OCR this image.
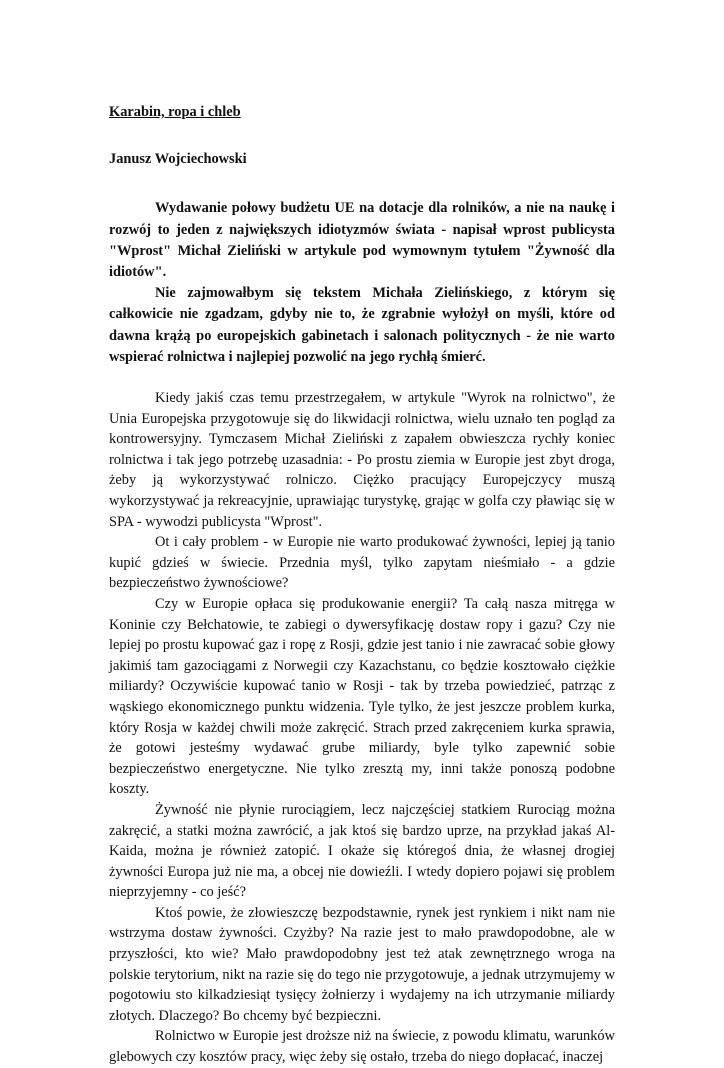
Karabin, ropa i chleb

Janusz Wojciechowski

Wydawanie połowy budżetu UE na dotacje dla rolników, a nie na naukę i rozwój to jeden z największych idiotyzmów świata - napisał wprost publicysta "Wprost" Michał Zieliński w artykule pod wymownym tytułem "Żywność dla idiotów".

Nie zajmowałbym się tekstem Michała Zielińskiego, z którym się całkowicie nie zgadzam, gdyby nie to, że zgrabnie wyłożył on myśli, które od dawna krążą po europejskich gabinetach i salonach politycznych - że nie warto wspierać rolnictwa i najlepiej pozwolić na jego rychłą śmierć.

Kiedy jakiś czas temu przestrzegałem, w artykule "Wyrok na rolnictwo", że Unia Europejska przygotowuje się do likwidacji rolnictwa, wielu uznało ten pogląd za kontrowersyjny. Tymczasem Michał Zieliński z zapałem obwieszcza rychły koniec rolnictwa i tak jego potrzebę uzasadnia: - Po prostu ziemia w Europie jest zbyt droga, żeby ją wykorzystywać rolniczo. Ciężko pracujący Europejczycy muszą wykorzystywać ja rekreacyjnie, uprawiając turystykę, grając w golfa czy pławiąc się w SPA - wywodzi publicysta "Wprost".

Ot i cały problem - w Europie nie warto produkować żywności, lepiej ją tanio kupić gdzieś w świecie. Przednia myśl, tylko zapytam nieśmiało - a gdzie bezpieczeństwo żywnościowe?

Czy w Europie opłaca się produkowanie energii? Ta całą nasza mitręga w Koninie czy Bełchatowie, te zabiegi o dywersyfikację dostaw ropy i gazu? Czy nie lepiej po prostu kupować gaz i ropę z Rosji, gdzie jest tanio i nie zawracać sobie głowy jakimiś tam gazociągami z Norwegii czy Kazachstanu, co będzie kosztowało ciężkie miliardy? Oczywiście kupować tanio w Rosji - tak by trzeba powiedzieć, patrząc z wąskiego ekonomicznego punktu widzenia. Tyle tylko, że jest jeszcze problem kurka, który Rosja w każdej chwili może zakręcić. Strach przed zakręceniem kurka sprawia, że gotowi jesteśmy wydawać grube miliardy, byle tylko zapewnić sobie bezpieczeństwo energetyczne. Nie tylko zresztą my, inni także ponoszą podobne koszty.

Żywność nie płynie rurociągiem, lecz najczęściej statkiem Rurociąg można zakręcić, a statki można zawrócić, a jak ktoś się bardzo uprze, na przykład jakaś Al-Kaida, można je również zatopić. I okaże się któregoś dnia, że własnej drogiej żywności Europa już nie ma, a obcej nie dowieźli. I wtedy dopiero pojawi się problem nieprzyjemny - co jeść?

Ktoś powie, że złowieszczę bezpodstawnie, rynek jest rynkiem i nikt nam nie wstrzyma dostaw żywności. Czyżby? Na razie jest to mało prawdopodobne, ale w przyszłości, kto wie? Mało prawdopodobny jest też atak zewnętrznego wroga na polskie terytorium, nikt na razie się do tego nie przygotowuje, a jednak utrzymujemy w pogotowiu sto kilkadziesiąt tysięcy żołnierzy i wydajemy na ich utrzymanie miliardy złotych. Dlaczego? Bo chcemy być bezpieczni.

Rolnictwo w Europie jest droższe niż na świecie, z powodu klimatu, warunków glebowych czy kosztów pracy, więc żeby się ostało, trzeba do niego dopłacać, inaczej
